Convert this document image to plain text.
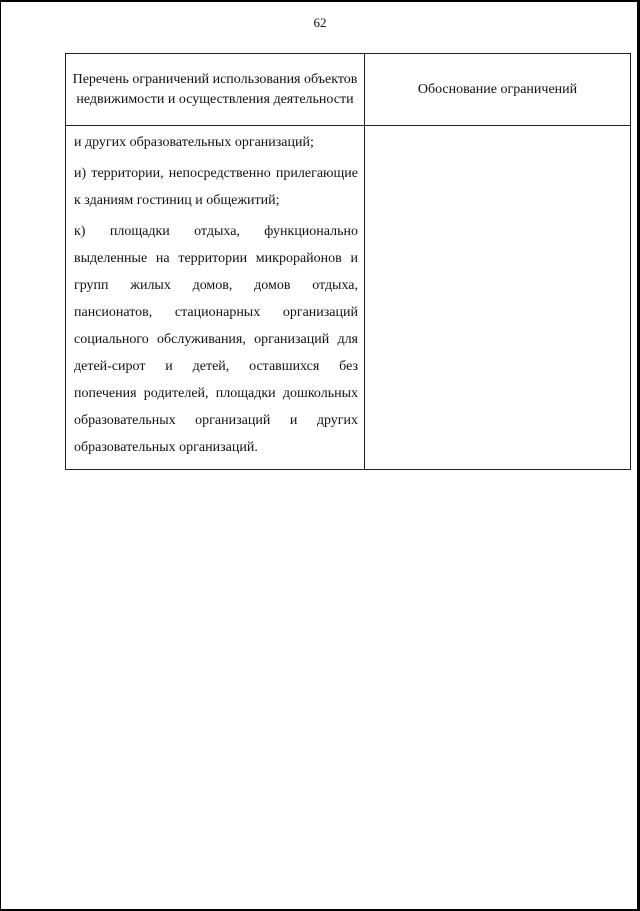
62
Перечень ограничений использования объектов недвижимости и осуществления деятельности	Обоснование ограничений

и других образовательных организаций;
и) территории, непосредственно прилегающие к зданиям гостиниц и общежитий;
к) площадки отдыха, функционально выделенные на территории микрорайонов и групп жилых домов, домов отдыха, пансионатов, стационарных организаций социального обслуживания, организаций для детей-сирот и детей, оставшихся без попечения родителей, площадки дошкольных образовательных организаций и других образовательных организаций.	
